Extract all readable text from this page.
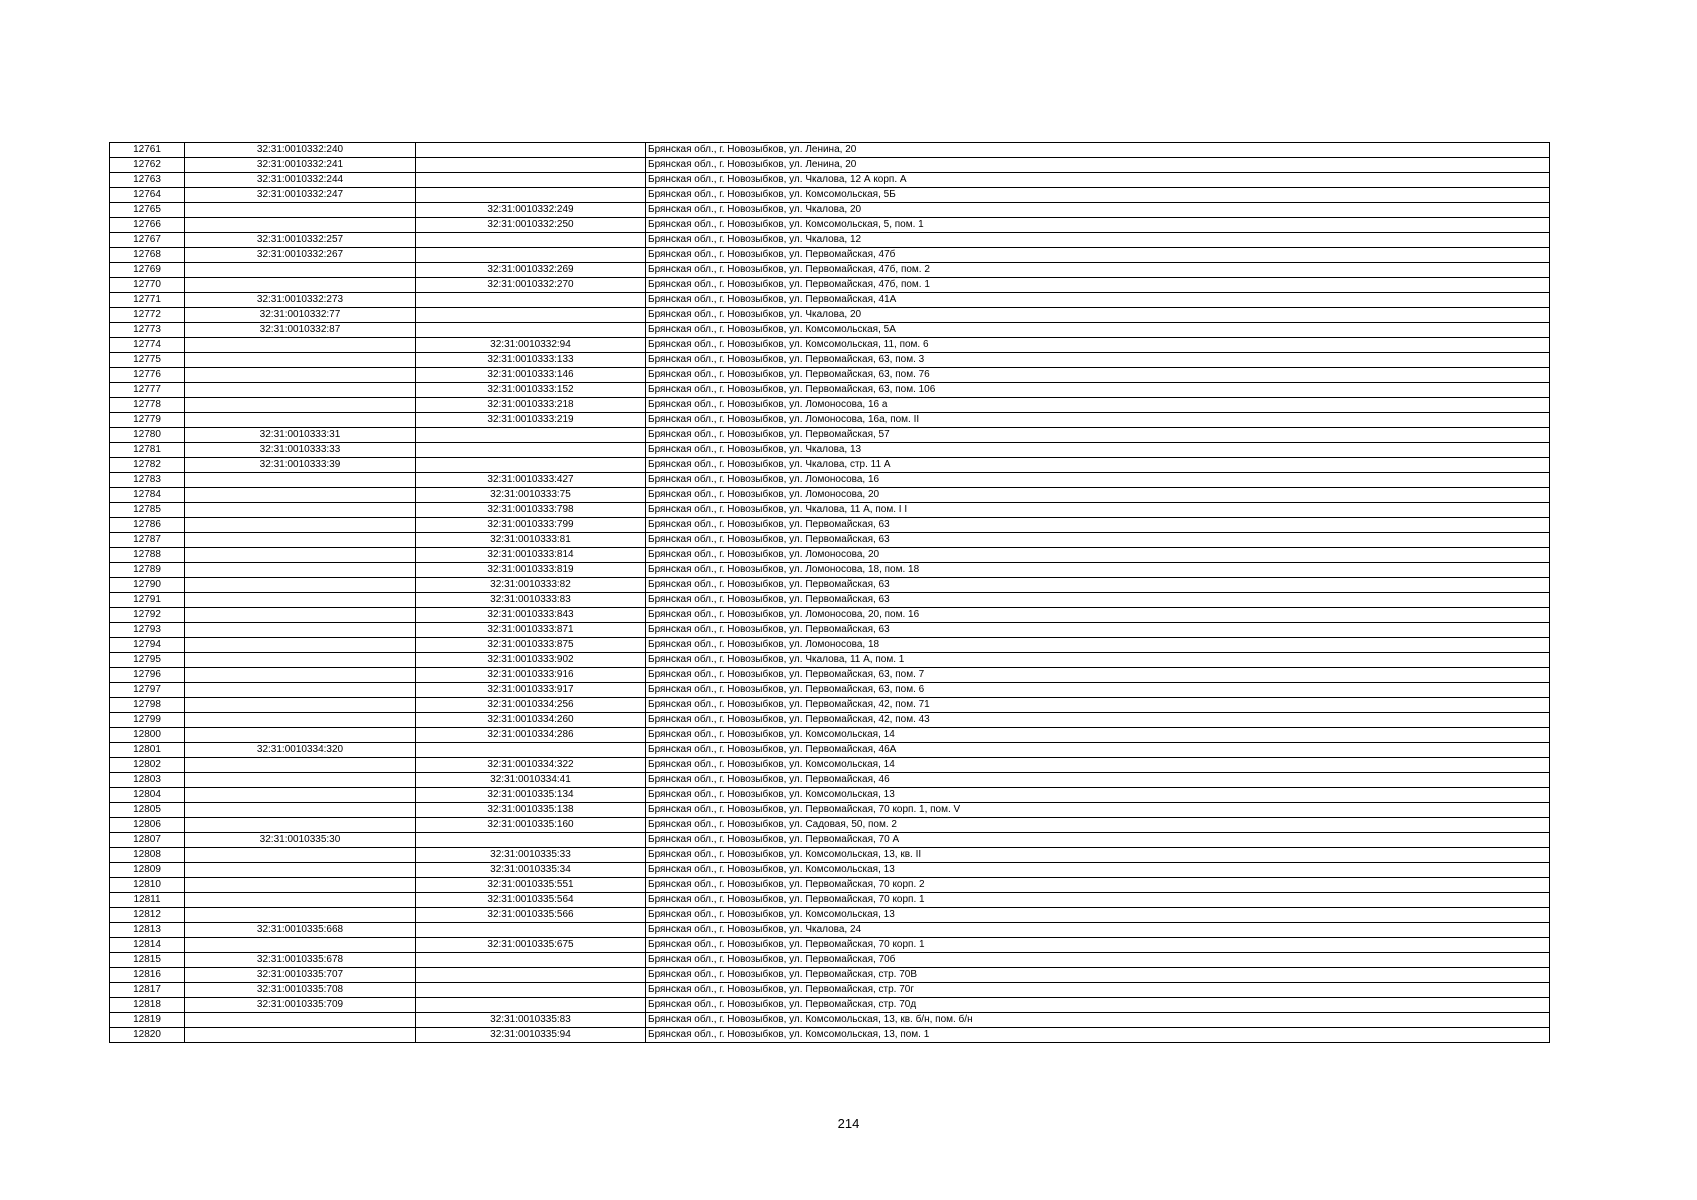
12761	32:31:0010332:240		Брянская обл., г. Новозыбков, ул. Ленина, 20
12762	32:31:0010332:241		Брянская обл., г. Новозыбков, ул. Ленина, 20
12763	32:31:0010332:244		Брянская обл., г. Новозыбков, ул. Чкалова, 12 А корп. А
12764	32:31:0010332:247		Брянская обл., г. Новозыбков, ул. Комсомольская, 5Б
12765		32:31:0010332:249	Брянская обл., г. Новозыбков, ул. Чкалова, 20
12766		32:31:0010332:250	Брянская обл., г. Новозыбков, ул. Комсомольская, 5, пом. 1
12767	32:31:0010332:257		Брянская обл., г. Новозыбков, ул. Чкалова, 12
12768	32:31:0010332:267		Брянская обл., г. Новозыбков, ул. Первомайская, 47б
12769		32:31:0010332:269	Брянская обл., г. Новозыбков, ул. Первомайская, 47б, пом. 2
12770		32:31:0010332:270	Брянская обл., г. Новозыбков, ул. Первомайская, 47б, пом. 1
12771	32:31:0010332:273		Брянская обл., г. Новозыбков, ул. Первомайская, 41А
12772	32:31:0010332:77		Брянская обл., г. Новозыбков, ул. Чкалова, 20
12773	32:31:0010332:87		Брянская обл., г. Новозыбков, ул. Комсомольская, 5А
12774		32:31:0010332:94	Брянская обл., г. Новозыбков, ул. Комсомольская, 11, пом. 6
12775		32:31:0010333:133	Брянская обл., г. Новозыбков, ул. Первомайская, 63, пом. 3
12776		32:31:0010333:146	Брянская обл., г. Новозыбков, ул. Первомайская, 63, пом. 76
12777		32:31:0010333:152	Брянская обл., г. Новозыбков, ул. Первомайская, 63, пом. 106
12778		32:31:0010333:218	Брянская обл., г. Новозыбков, ул. Ломоносова, 16 а
12779		32:31:0010333:219	Брянская обл., г. Новозыбков, ул. Ломоносова, 16а, пом. II
12780	32:31:0010333:31		Брянская обл., г. Новозыбков, ул. Первомайская, 57
12781	32:31:0010333:33		Брянская обл., г. Новозыбков, ул. Чкалова, 13
12782	32:31:0010333:39		Брянская обл., г. Новозыбков, ул. Чкалова, стр. 11 А
12783		32:31:0010333:427	Брянская обл., г. Новозыбков, ул. Ломоносова, 16
12784		32:31:0010333:75	Брянская обл., г. Новозыбков, ул. Ломоносова, 20
12785		32:31:0010333:798	Брянская обл., г. Новозыбков, ул. Чкалова, 11 А, пом. I I
12786		32:31:0010333:799	Брянская обл., г. Новозыбков, ул. Первомайская, 63
12787		32:31:0010333:81	Брянская обл., г. Новозыбков, ул. Первомайская, 63
12788		32:31:0010333:814	Брянская обл., г. Новозыбков, ул. Ломоносова, 20
12789		32:31:0010333:819	Брянская обл., г. Новозыбков, ул. Ломоносова, 18, пом. 18
12790		32:31:0010333:82	Брянская обл., г. Новозыбков, ул. Первомайская, 63
12791		32:31:0010333:83	Брянская обл., г. Новозыбков, ул. Первомайская, 63
12792		32:31:0010333:843	Брянская обл., г. Новозыбков, ул. Ломоносова, 20, пом. 16
12793		32:31:0010333:871	Брянская обл., г. Новозыбков, ул. Первомайская, 63
12794		32:31:0010333:875	Брянская обл., г. Новозыбков, ул. Ломоносова, 18
12795		32:31:0010333:902	Брянская обл., г. Новозыбков, ул. Чкалова, 11 А, пом. 1
12796		32:31:0010333:916	Брянская обл., г. Новозыбков, ул. Первомайская, 63, пом. 7
12797		32:31:0010333:917	Брянская обл., г. Новозыбков, ул. Первомайская, 63, пом. 6
12798		32:31:0010334:256	Брянская обл., г. Новозыбков, ул. Первомайская, 42, пом. 71
12799		32:31:0010334:260	Брянская обл., г. Новозыбков, ул. Первомайская, 42, пом. 43
12800		32:31:0010334:286	Брянская обл., г. Новозыбков, ул. Комсомольская, 14
12801	32:31:0010334:320		Брянская обл., г. Новозыбков, ул. Первомайская, 46А
12802		32:31:0010334:322	Брянская обл., г. Новозыбков, ул. Комсомольская, 14
12803		32:31:0010334:41	Брянская обл., г. Новозыбков, ул. Первомайская, 46
12804		32:31:0010335:134	Брянская обл., г. Новозыбков, ул. Комсомольская, 13
12805		32:31:0010335:138	Брянская обл., г. Новозыбков, ул. Первомайская, 70 корп. 1, пом. V
12806		32:31:0010335:160	Брянская обл., г. Новозыбков, ул. Садовая, 50, пом. 2
12807	32:31:0010335:30		Брянская обл., г. Новозыбков, ул. Первомайская, 70 А
12808		32:31:0010335:33	Брянская обл., г. Новозыбков, ул. Комсомольская, 13, кв. II
12809		32:31:0010335:34	Брянская обл., г. Новозыбков, ул. Комсомольская, 13
12810		32:31:0010335:551	Брянская обл., г. Новозыбков, ул. Первомайская, 70 корп. 2
12811		32:31:0010335:564	Брянская обл., г. Новозыбков, ул. Первомайская, 70 корп. 1
12812		32:31:0010335:566	Брянская обл., г. Новозыбков, ул. Комсомольская, 13
12813	32:31:0010335:668		Брянская обл., г. Новозыбков, ул. Чкалова, 24
12814		32:31:0010335:675	Брянская обл., г. Новозыбков, ул. Первомайская, 70 корп. 1
12815	32:31:0010335:678		Брянская обл., г. Новозыбков, ул. Первомайская, 70б
12816	32:31:0010335:707		Брянская обл., г. Новозыбков, ул. Первомайская, стр. 70В
12817	32:31:0010335:708		Брянская обл., г. Новозыбков, ул. Первомайская, стр. 70г
12818	32:31:0010335:709		Брянская обл., г. Новозыбков, ул. Первомайская, стр. 70д
12819		32:31:0010335:83	Брянская обл., г. Новозыбков, ул. Комсомольская, 13, кв. б/н, пом. б/н
12820		32:31:0010335:94	Брянская обл., г. Новозыбков, ул. Комсомольская, 13, пом. 1
214
